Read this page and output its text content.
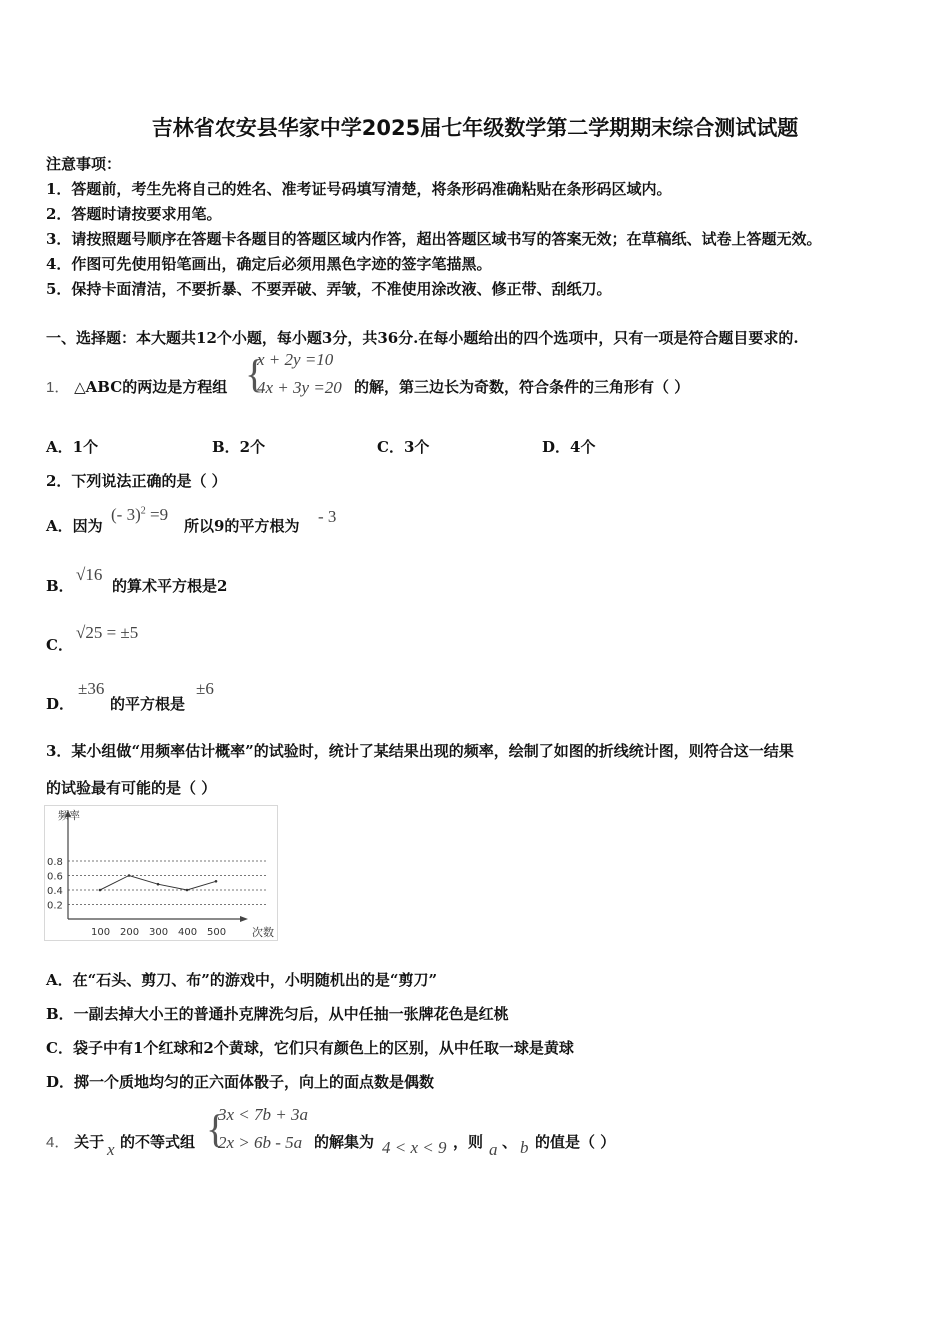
吉林省农安县华家中学2025届七年级数学第二学期期末综合测试试题
注意事项：
1．答题前，考生先将自己的姓名、准考证号码填写清楚，将条形码准确粘贴在条形码区域内。
2．答题时请按要求用笔。
3．请按照题号顺序在答题卡各题目的答题区域内作答，超出答题区域书写的答案无效；在草稿纸、试卷上答题无效。
4．作图可先使用铅笔画出，确定后必须用黑色字迹的签字笔描黑。
5．保持卡面清洁，不要折暴、不要弄破、弄皱，不准使用涂改液、修正带、刮纸刀。
一、选择题：本大题共12个小题，每小题3分，共36分.在每小题给出的四个选项中，只有一项是符合题目要求的.
1． △ABC的两边是方程组 {
x + 2y =10
4x + 3y =20 的解，第三边长为奇数，符合条件的三角形有（ ）
A．1个	B．2个	C．3个	D．4个
2．下列说法正确的是（ ）
A．因为
(- 3)$^2$ =9
所以9的平方根为 - 3
B．
√16
的算术平方根是2
C．
√25 = ±5
D．
±36
的平方根是
±6
3．某小组做“用频率估计概率”的试验时，统计了某结果出现的频率，绘制了如图的折线统计图，则符合这一结果
的试验最有可能的是（ ）
0.8
0.6
0.4
0.2
100 200 300 400 500
频率
次数
A．在“石头、剪刀、布”的游戏中，小明随机出的是“剪刀”
B．一副去掉大小王的普通扑克牌洗匀后，从中任抽一张牌花色是红桃
C．袋子中有1个红球和2个黄球，它们只有颜色上的区别，从中任取一球是黄球
D．掷一个质地均匀的正六面体骰子，向上的面点数是偶数
4． 关于 x 的不等式组 {
3x < 7b + 3a
2x > 6b - 5a 的解集为 4 < x < 9 ，则 a 、 b 的值是（ ）
